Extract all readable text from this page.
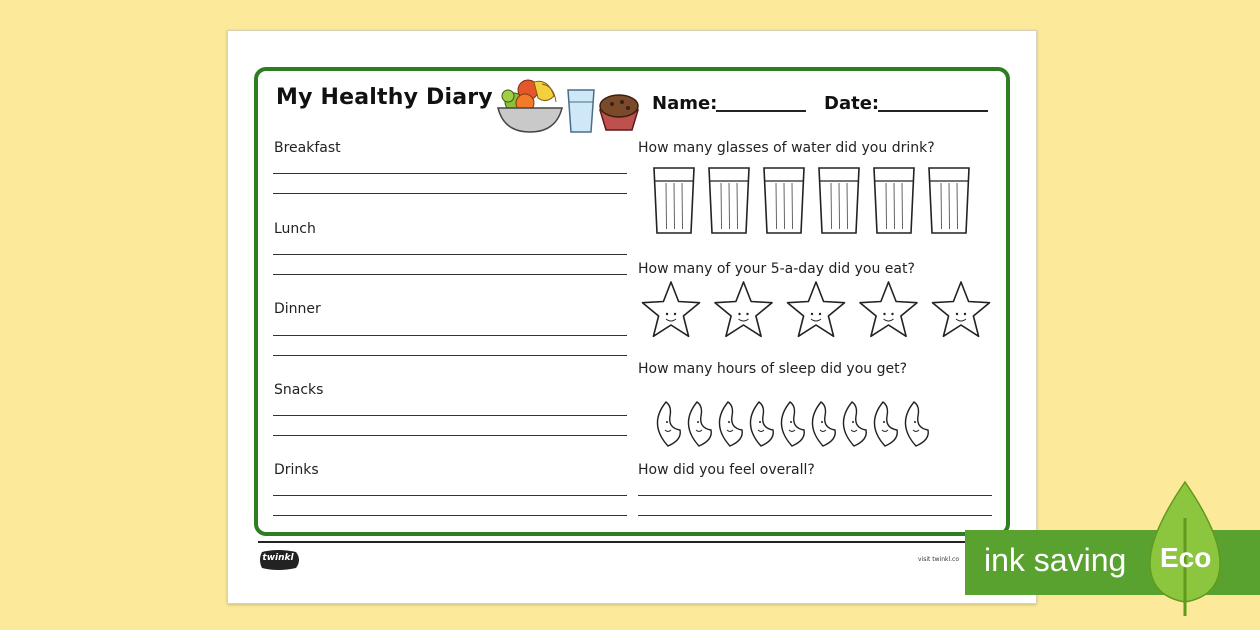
My Healthy Diary	Name:	Date:
Breakfast
Lunch
Dinner
Snacks
Drinks
How many glasses of water did you drink?
How many of your 5-a-day did you eat?
How many hours of sleep did you get?
How did you feel overall?
twinkl	visit twinkl.co ink saving Eco
